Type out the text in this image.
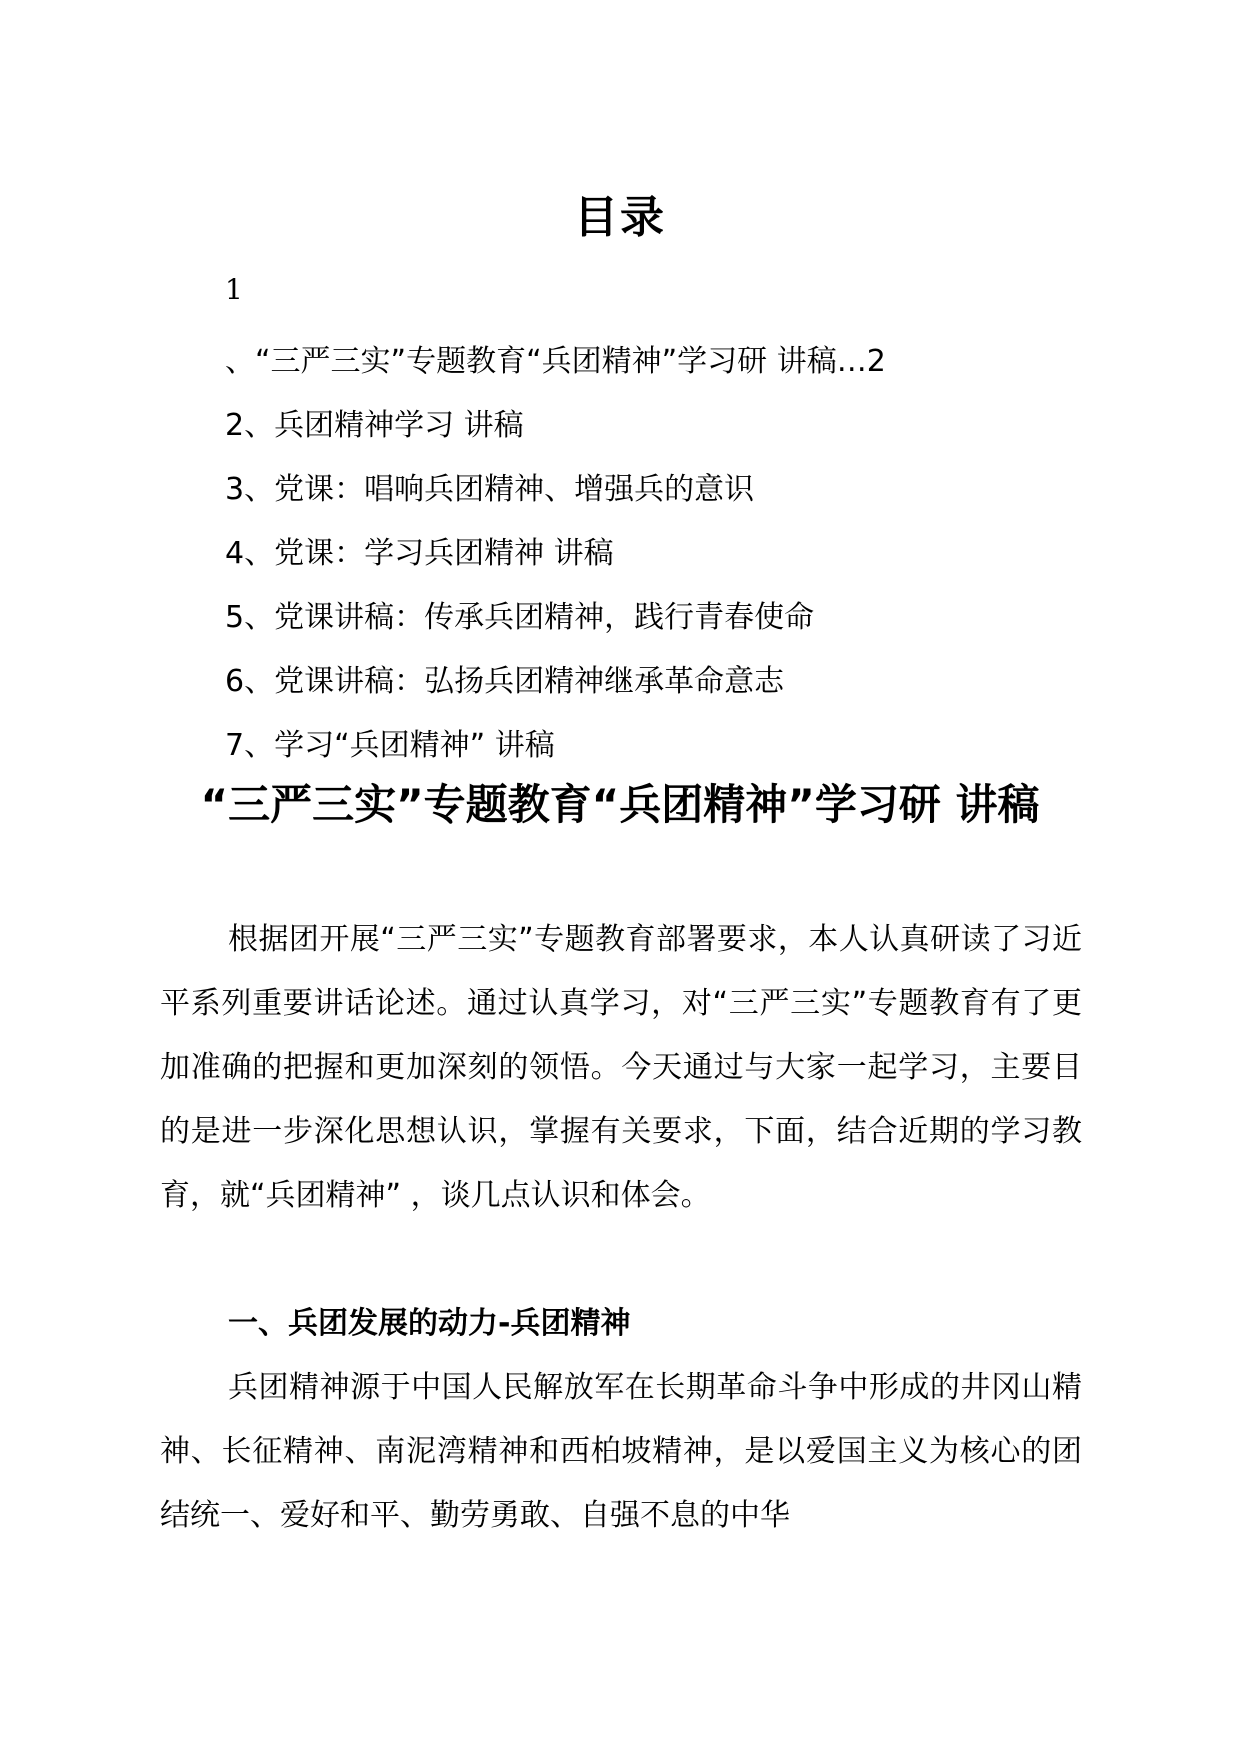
目录
1
、“三严三实”专题教育“兵团精神”学习研 讲稿…2
2、兵团精神学习 讲稿
3、党课：唱响兵团精神、增强兵的意识
4、党课：学习兵团精神 讲稿
5、党课讲稿：传承兵团精神，践行青春使命
6、党课讲稿：弘扬兵团精神继承革命意志
7、学习“兵团精神” 讲稿
“三严三实”专题教育“兵团精神”学习研 讲稿

根据团开展“三严三实”专题教育部署要求，本人认真研读了习近平系列重要讲话论述。通过认真学习，对“三严三实”专题教育有了更加准确的把握和更加深刻的领悟。今天通过与大家一起学习，主要目的是进一步深化思想认识，掌握有关要求，下面，结合近期的学习教育，就“兵团精神” ，谈几点认识和体会。

一、兵团发展的动力-兵团精神

兵团精神源于中国人民解放军在长期革命斗争中形成的井冈山精神、长征精神、南泥湾精神和西柏坡精神，是以爱国主义为核心的团结统一、爱好和平、勤劳勇敢、自强不息的中华
